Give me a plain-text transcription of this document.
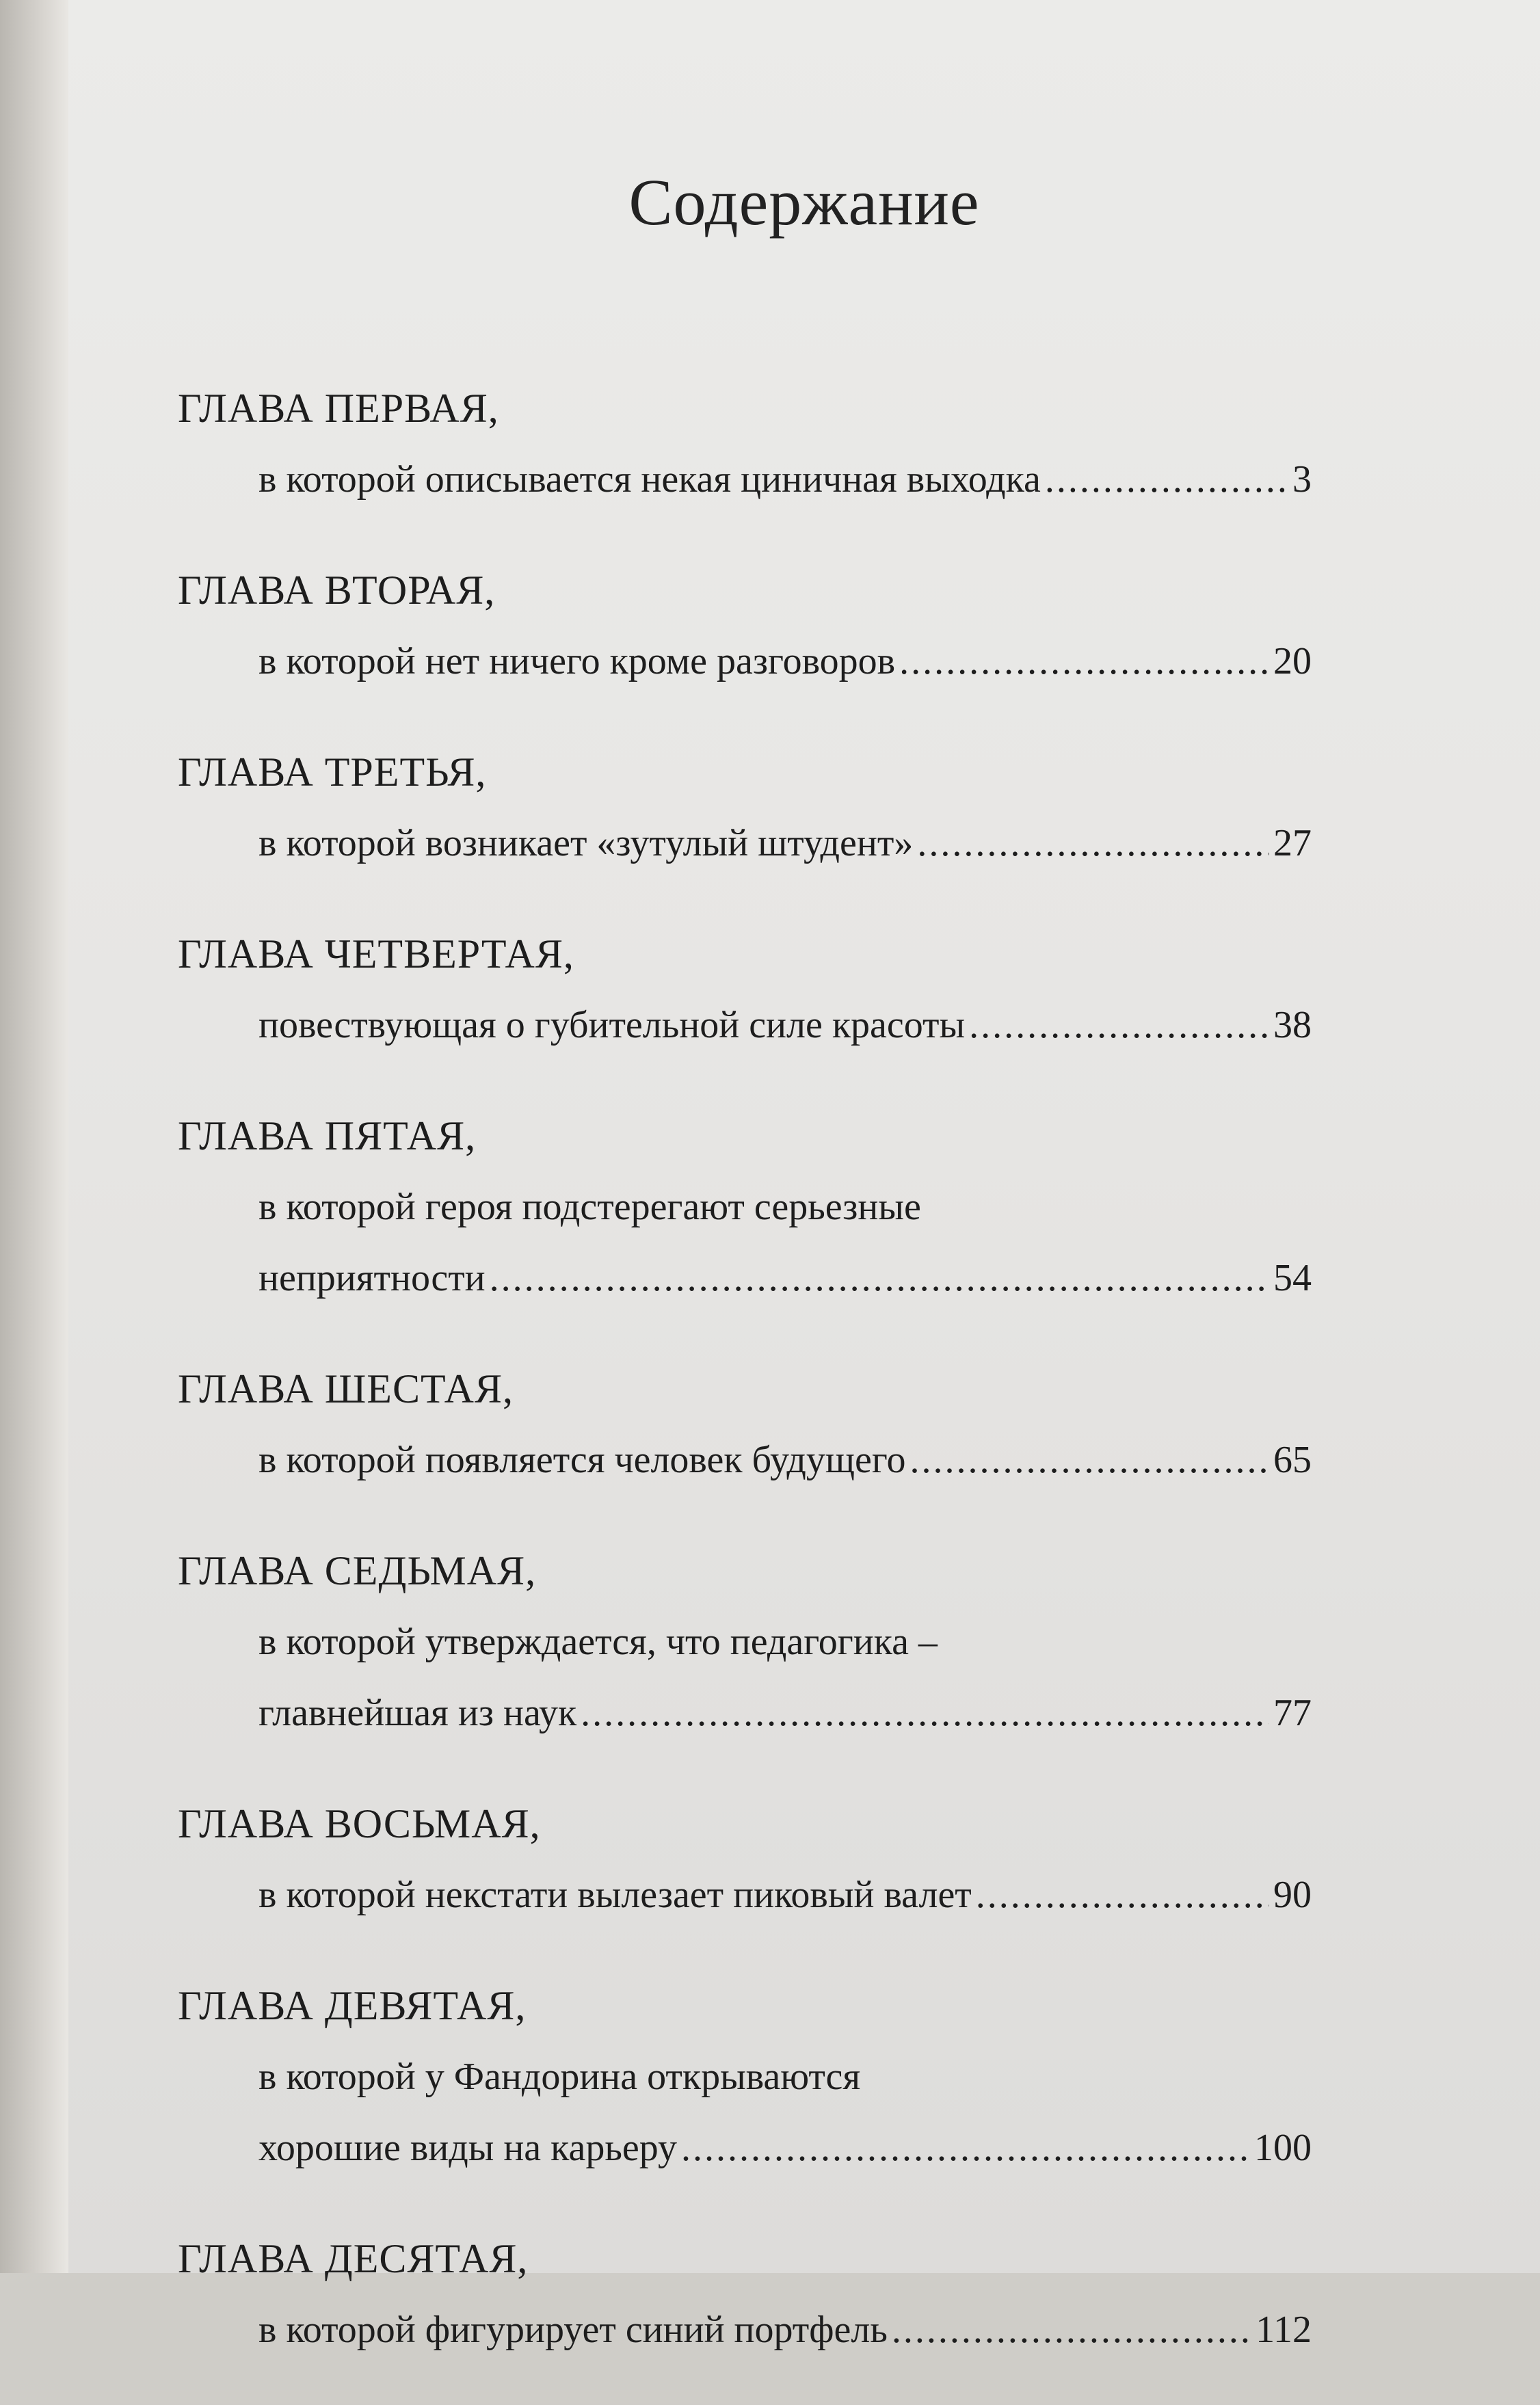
Содержание
ГЛАВА ПЕРВАЯ,
в которой описывается некая циничная выходка .....	3
ГЛАВА ВТОРАЯ,
в которой нет ничего кроме разговоров .....	20
ГЛАВА ТРЕТЬЯ,
в которой возникает «зутулый штудент» .....	27
ГЛАВА ЧЕТВЕРТАЯ,
повествующая о губительной силе красоты .....	38
ГЛАВА ПЯТАЯ,
в которой героя подстерегают серьезные
неприятности .....	54
ГЛАВА ШЕСТАЯ,
в которой появляется человек будущего .....	65
ГЛАВА СЕДЬМАЯ,
в которой утверждается, что педагогика –
главнейшая из наук .....	77
ГЛАВА ВОСЬМАЯ,
в которой некстати вылезает пиковый валет .....	90
ГЛАВА ДЕВЯТАЯ,
в которой у Фандорина открываются
хорошие виды на карьеру .....	100
ГЛАВА ДЕСЯТАЯ,
в которой фигурирует синий портфель .....	112
